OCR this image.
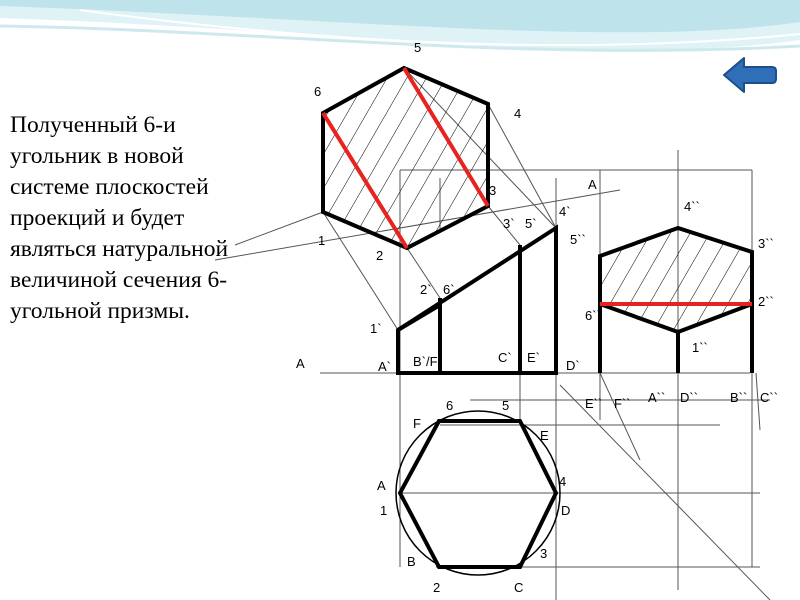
Полученный 6-и угольник в новой системе плоскостей проекций и будет являться натуральной величиной сечения 6-угольной призмы.

5
6
4
3
1
2
A
1`
2` 6`
3` 5`
4`
A` B`/F`	C` E`
D`
A
4``
5``	3``
6``
2``
1``
E`` F`` A`` D`` B`` C``
F
6	5
E
A	4
1	D
B
3
2	C
